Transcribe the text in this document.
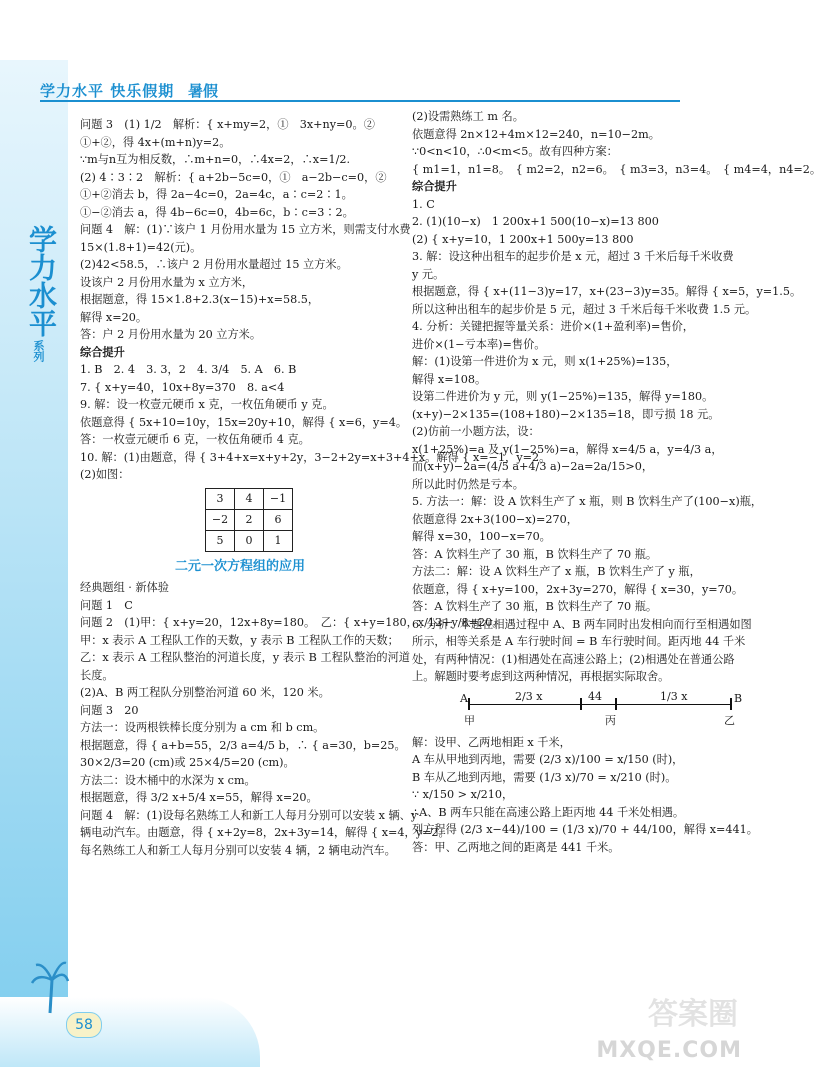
学力水平 快乐假期 暑假
学力水平
系列
58

问题 3　(1) 1/2　解析：{ x+my=2，①　3x+ny=0。②

①+②，得 4x+(m+n)y=2。

∵m与n互为相反数，∴m+n=0，∴4x=2，∴x=1/2.

(2) 4∶3∶2　解析：{ a+2b−5c=0，①　a−2b−c=0，②

①+②消去 b，得 2a−4c=0，2a=4c，a∶c=2∶1。

①−②消去 a，得 4b−6c=0，4b=6c，b∶c=3∶2。

问题 4　解：(1)∵该户 1 月份用水量为 15 立方米，则需支付水费

15×(1.8+1)=42(元)。

(2)42<58.5，∴该户 2 月份用水量超过 15 立方米。

设该户 2 月份用水量为 x 立方米，

根据题意，得 15×1.8+2.3(x−15)+x=58.5，

解得 x=20。

答：户 2 月份用水量为 20 立方米。

综合提升

1. B　2. 4　3. 3，2　4. 3/4　5. A　6. B

7. { x+y=40，10x+8y=370　8. a<4

9. 解：设一枚壹元硬币 x 克，一枚伍角硬币 y 克。

依题意得 { 5x+10=10y，15x=20y+10，解得 { x=6，y=4。

答：一枚壹元硬币 6 克，一枚伍角硬币 4 克。

10. 解：(1)由题意，得 { 3+4+x=x+y+2y，3−2+2y=x+3+4+x。解得 { x=−1，y=2。

(2)如图：

3	4	−1
−2	2	6
5	0	1

二元一次方程组的应用

经典题组 · 新体验

问题 1　C

问题 2　(1)甲：{ x+y=20，12x+8y=180。　乙：{ x+y=180，x/12+y/8=20。

甲：x 表示 A 工程队工作的天数，y 表示 B 工程队工作的天数；

乙：x 表示 A 工程队整治的河道长度，y 表示 B 工程队整治的河道

长度。

(2)A、B 两工程队分别整治河道 60 米，120 米。

问题 3　20

方法一：设两根铁棒长度分别为 a cm 和 b cm。

根据题意，得 { a+b=55，2/3 a=4/5 b，∴ { a=30，b=25。

30×2/3=20 (cm)或 25×4/5=20 (cm)。

方法二：设木桶中的水深为 x cm。

根据题意，得 3/2 x+5/4 x=55，解得 x=20。

问题 4　解：(1)设每名熟练工人和新工人每月分别可以安装 x 辆、y

辆电动汽车。由题意，得 { x+2y=8，2x+3y=14，解得 { x=4，y=2。

每名熟练工人和新工人每月分别可以安装 4 辆，2 辆电动汽车。

(2)设需熟练工 m 名。

依题意得 2n×12+4m×12=240，n=10−2m。

∵0<n<10，∴0<m<5。故有四种方案：

{ m1=1，n1=8。　{ m2=2，n2=6。　{ m3=3，n3=4。　{ m4=4，n4=2。

综合提升

1. C

2. (1)(10−x)　1 200x+1 500(10−x)=13 800

(2) { x+y=10，1 200x+1 500y=13 800

3. 解：设这种出租车的起步价是 x 元，超过 3 千米后每千米收费

y 元。

根据题意，得 { x+(11−3)y=17，x+(23−3)y=35。解得 { x=5，y=1.5。

所以这种出租车的起步价是 5 元，超过 3 千米后每千米收费 1.5 元。

4. 分析：关键把握等量关系：进价×(1+盈利率)=售价，

进价×(1−亏本率)=售价。

解：(1)设第一件进价为 x 元，则 x(1+25%)=135，

解得 x=108。

设第二件进价为 y 元，则 y(1−25%)=135，解得 y=180。

(x+y)−2×135=(108+180)−2×135=18，即亏损 18 元。

(2)仿前一小题方法，设：

x(1+25%)=a 及 y(1−25%)=a，解得 x=4/5 a，y=4/3 a，

而(x+y)−2a=(4/5 a+4/3 a)−2a=2a/15>0，

所以此时仍然是亏本。

5. 方法一：解：设 A 饮料生产了 x 瓶，则 B 饮料生产了(100−x)瓶，

依题意得 2x+3(100−x)=270，

解得 x=30，100−x=70。

答：A 饮料生产了 30 瓶，B 饮料生产了 70 瓶。

方法二：解：设 A 饮料生产了 x 瓶，B 饮料生产了 y 瓶，

依题意，得 { x+y=100，2x+3y=270，解得 { x=30，y=70。

答：A 饮料生产了 30 瓶，B 饮料生产了 70 瓶。

6. 分析：本题在相遇过程中 A、B 两车同时出发相向而行至相遇如图

所示，相等关系是 A 车行驶时间 = B 车行驶时间。距丙地 44 千米

处，有两种情况：(1)相遇处在高速公路上；(2)相遇处在普通公路

上。解题时要考虑到这两种情况，再根据实际取舍。

A	B
2/3 x	44	1/3 x
甲	丙	乙

解：设甲、乙两地相距 x 千米，

A 车从甲地到丙地，需要 (2/3 x)/100 = x/150 (时)，

B 车从乙地到丙地，需要 (1/3 x)/70 = x/210 (时)。

∵ x/150 > x/210，

∴A、B 两车只能在高速公路上距丙地 44 千米处相遇。

列方程得 (2/3 x−44)/100 = (1/3 x)/70 + 44/100，解得 x=441。

答：甲、乙两地之间的距离是 441 千米。

答案圈
MXQE.COM
